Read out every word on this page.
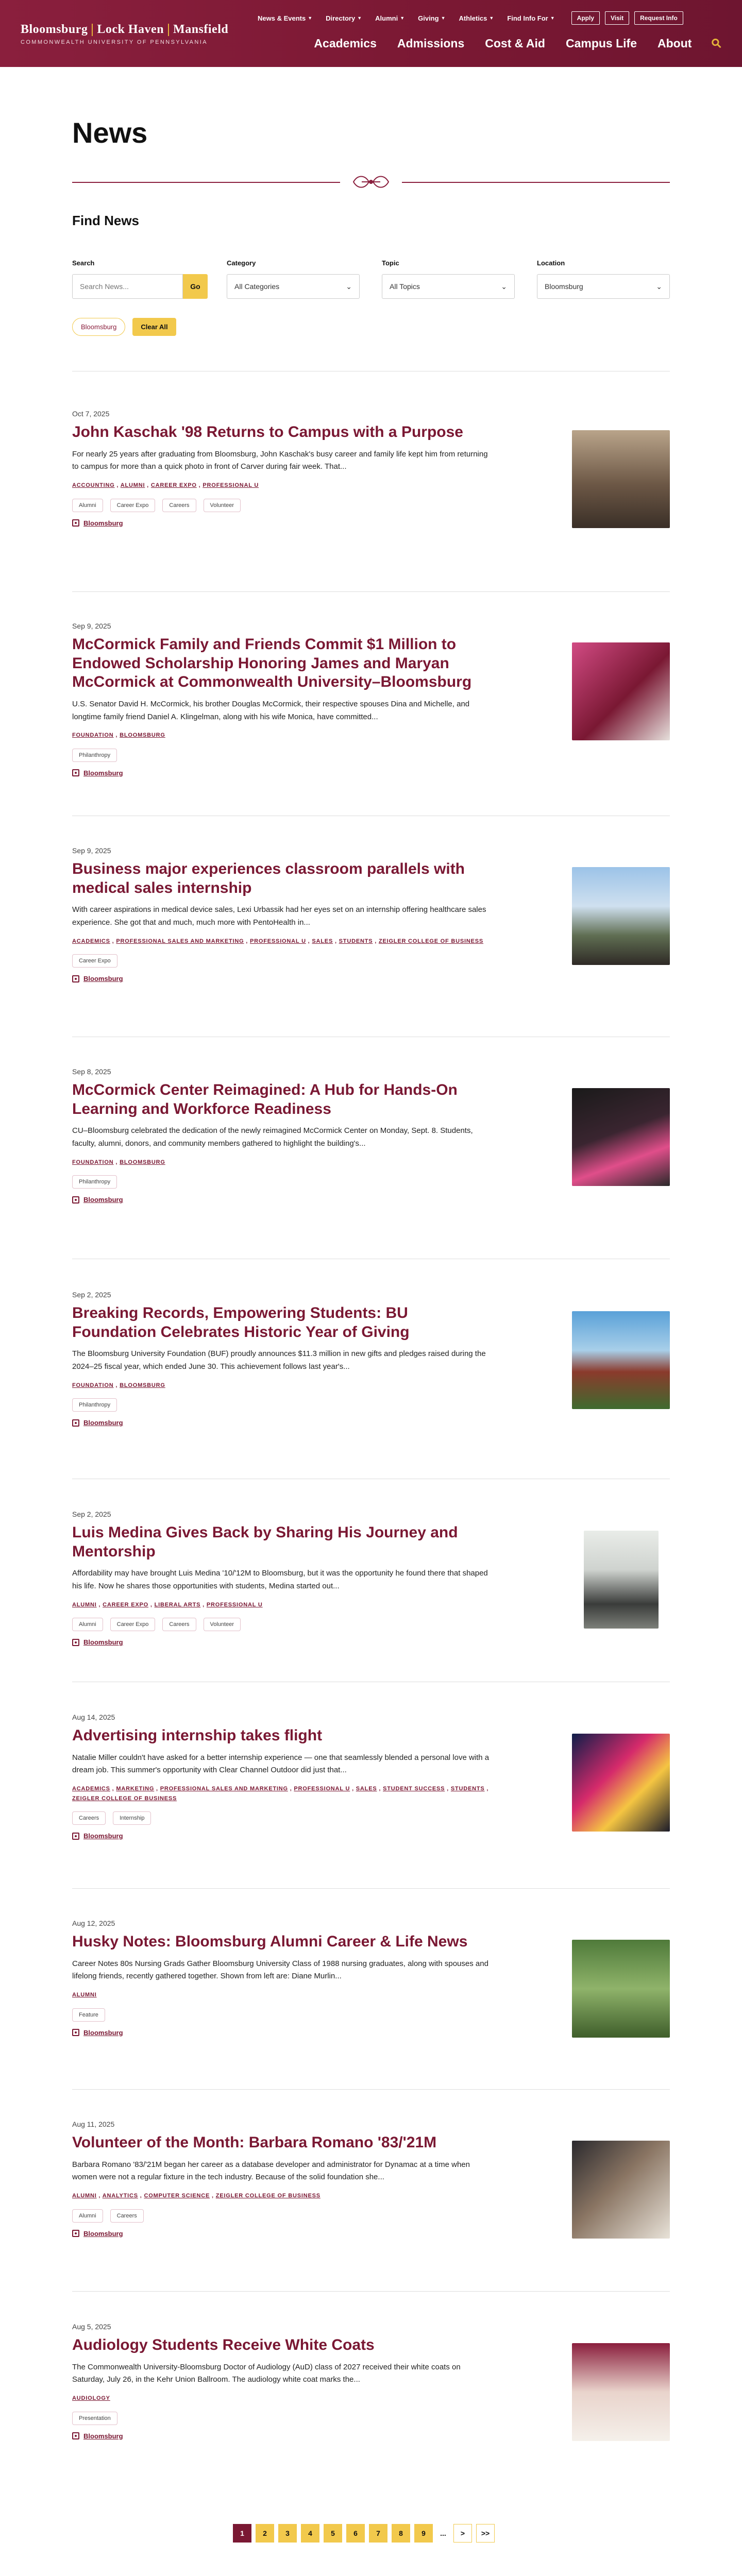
Bloomsburg Lock Haven Mansfield
COMMONWEALTH UNIVERSITY OF PENNSYLVANIA
News & Events ▼ Directory ▼ Alumni ▼ Giving ▼ Athletics ▼ Find Info For ▼	Apply	Visit	Request Info
Academics Admissions Cost & Aid Campus Life About ⚲
News
Find News
Search
Search News...
Go
Category
All Categories	⌄
Topic
All Topics	⌄
Location
Bloomsburg	⌄
Bloomsburg	Clear All
Oct 7, 2025
John Kaschak '98 Returns to Campus with a Purpose

For nearly 25 years after graduating from Bloomsburg, John Kaschak's busy career and family life kept him from returning to campus for more than a quick photo in front of Carver during fair week. That...

ACCOUNTING , ALUMNI , CAREER EXPO , PROFESSIONAL U
Alumni	Career Expo	Careers	Volunteer
Bloomsburg
Sep 9, 2025
McCormick Family and Friends Commit $1 Million to Endowed Scholarship Honoring James and Maryan McCormick at Commonwealth University–Bloomsburg

U.S. Senator David H. McCormick, his brother Douglas McCormick, their respective spouses Dina and Michelle, and longtime family friend Daniel A. Klingelman, along with his wife Monica, have committed...

FOUNDATION , BLOOMSBURG
Philanthropy
Bloomsburg
Sep 9, 2025
Business major experiences classroom parallels with medical sales internship

With career aspirations in medical device sales, Lexi Urbassik had her eyes set on an internship offering healthcare sales experience. She got that and much, much more with PentoHealth in...

ACADEMICS , PROFESSIONAL SALES AND MARKETING , PROFESSIONAL U , SALES , STUDENTS , ZEIGLER COLLEGE OF BUSINESS
Career Expo
Bloomsburg
Sep 8, 2025
McCormick Center Reimagined: A Hub for Hands-On Learning and Workforce Readiness

CU–Bloomsburg celebrated the dedication of the newly reimagined McCormick Center on Monday, Sept. 8. Students, faculty, alumni, donors, and community members gathered to highlight the building's...

FOUNDATION , BLOOMSBURG
Philanthropy
Bloomsburg
Sep 2, 2025
Breaking Records, Empowering Students: BU Foundation Celebrates Historic Year of Giving

The Bloomsburg University Foundation (BUF) proudly announces $11.3 million in new gifts and pledges raised during the 2024–25 fiscal year, which ended June 30. This achievement follows last year's...

FOUNDATION , BLOOMSBURG
Philanthropy
Bloomsburg
Sep 2, 2025
Luis Medina Gives Back by Sharing His Journey and Mentorship

Affordability may have brought Luis Medina '10/'12M to Bloomsburg, but it was the opportunity he found there that shaped his life. Now he shares those opportunities with students, Medina started out...

ALUMNI , CAREER EXPO , LIBERAL ARTS , PROFESSIONAL U
Alumni	Career Expo	Careers	Volunteer
Bloomsburg
Aug 14, 2025
Advertising internship takes flight

Natalie Miller couldn't have asked for a better internship experience — one that seamlessly blended a personal love with a dream job. This summer's opportunity with Clear Channel Outdoor did just that...

ACADEMICS , MARKETING , PROFESSIONAL SALES AND MARKETING , PROFESSIONAL U , SALES , STUDENT SUCCESS , STUDENTS , ZEIGLER COLLEGE OF BUSINESS
Careers	Internship
Bloomsburg
Aug 12, 2025
Husky Notes: Bloomsburg Alumni Career & Life News

Career Notes 80s Nursing Grads Gather Bloomsburg University Class of 1988 nursing graduates, along with spouses and lifelong friends, recently gathered together. Shown from left are: Diane Murlin...

ALUMNI
Feature
Bloomsburg
Aug 11, 2025
Volunteer of the Month: Barbara Romano '83/'21M

Barbara Romano '83/'21M began her career as a database developer and administrator for Dynamac at a time when women were not a regular fixture in the tech industry. Because of the solid foundation she...

ALUMNI , ANALYTICS , COMPUTER SCIENCE , ZEIGLER COLLEGE OF BUSINESS
Alumni	Careers
Bloomsburg
Aug 5, 2025
Audiology Students Receive White Coats

The Commonwealth University-Bloomsburg Doctor of Audiology (AuD) class of 2027 received their white coats on Saturday, July 26, in the Kehr Union Ballroom. The audiology white coat marks the...

AUDIOLOGY
Presentation
Bloomsburg
1	2	3	4	5	6	7	8	9	...	>	>>
